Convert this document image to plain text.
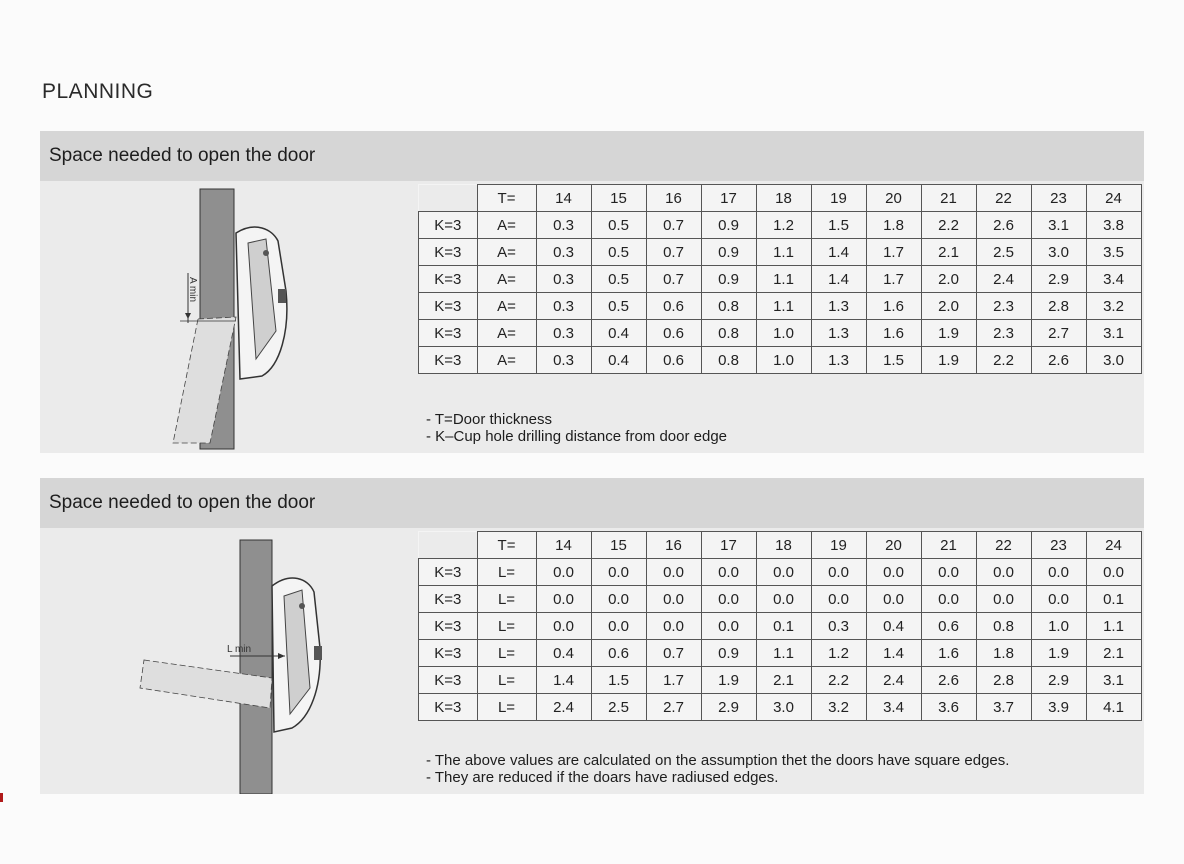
PLANNING
Space needed to open the door
A min
	T=	14	15	16	17	18	19	20	21	22	23	24
K=3	A=	0.3	0.5	0.7	0.9	1.2	1.5	1.8	2.2	2.6	3.1	3.8
K=3	A=	0.3	0.5	0.7	0.9	1.1	1.4	1.7	2.1	2.5	3.0	3.5
K=3	A=	0.3	0.5	0.7	0.9	1.1	1.4	1.7	2.0	2.4	2.9	3.4
K=3	A=	0.3	0.5	0.6	0.8	1.1	1.3	1.6	2.0	2.3	2.8	3.2
K=3	A=	0.3	0.4	0.6	0.8	1.0	1.3	1.6	1.9	2.3	2.7	3.1
K=3	A=	0.3	0.4	0.6	0.8	1.0	1.3	1.5	1.9	2.2	2.6	3.0
- T=Door thickness
- K–Cup hole drilling distance from door edge
Space needed to open the door
L min
	T=	14	15	16	17	18	19	20	21	22	23	24
K=3	L=	0.0	0.0	0.0	0.0	0.0	0.0	0.0	0.0	0.0	0.0	0.0
K=3	L=	0.0	0.0	0.0	0.0	0.0	0.0	0.0	0.0	0.0	0.0	0.1
K=3	L=	0.0	0.0	0.0	0.0	0.1	0.3	0.4	0.6	0.8	1.0	1.1
K=3	L=	0.4	0.6	0.7	0.9	1.1	1.2	1.4	1.6	1.8	1.9	2.1
K=3	L=	1.4	1.5	1.7	1.9	2.1	2.2	2.4	2.6	2.8	2.9	3.1
K=3	L=	2.4	2.5	2.7	2.9	3.0	3.2	3.4	3.6	3.7	3.9	4.1
- The above values are calculated on the assumption thet the doors have square edges.
- They are reduced if the doars have radiused edges.
